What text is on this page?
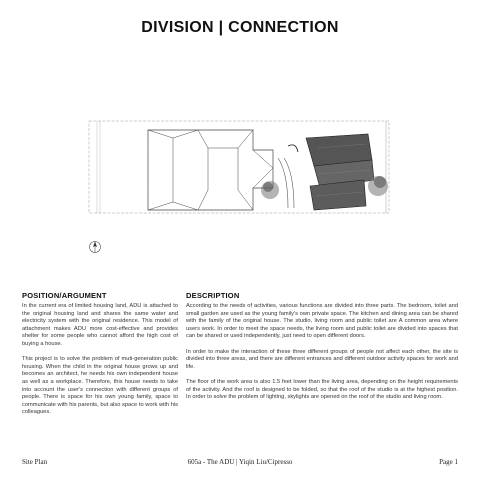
DIVISION | CONNECTION
POSITION/ARGUMENT

In the current era of limited housing land, ADU is attached to the original housing land and shares the same water and electricity system with the original residence. This model of attachment makes ADU more cost-effective and provides shelter for some people who cannot afford the high cost of buying a house.

This project is to solve the problem of muti-generation public housing. When the child in the original house grows up and becomes an architect, he needs his own independent house as well as a workplace. Therefore, this house needs to take into account the user's connection with different groups of people. There is space for his own young family, space to communicate with his parents, but also space to work with his colleagues.

DESCRIPTION

According to the needs of activities, various functions are divided into three parts. The bedroom, toilet and small garden are used as the young family's own private space. The kitchen and dining area can be shared with the family of the original house. The studio, living room and public toilet are A common area where users work. In order to meet the space needs, the living room and public toilet are divided into spaces that can be shared or used independently, just need to open different doors.

In order to make the interaction of these three different groups of people not affect each other, the site is divided into three areas, and there are different entrances and different outdoor activity spaces for work and life.

The floor of the work area is also 1.5 feet lower than the living area, depending on the height requirements of the activity. And the roof is designed to be folded, so that the roof of the studio is at the highest position. In order to solve the problem of lighting, skylights are opened on the roof of the studio and living room.

Site Plan	605a - The ADU | Yiqin Liu/Cipresso	Page 1
